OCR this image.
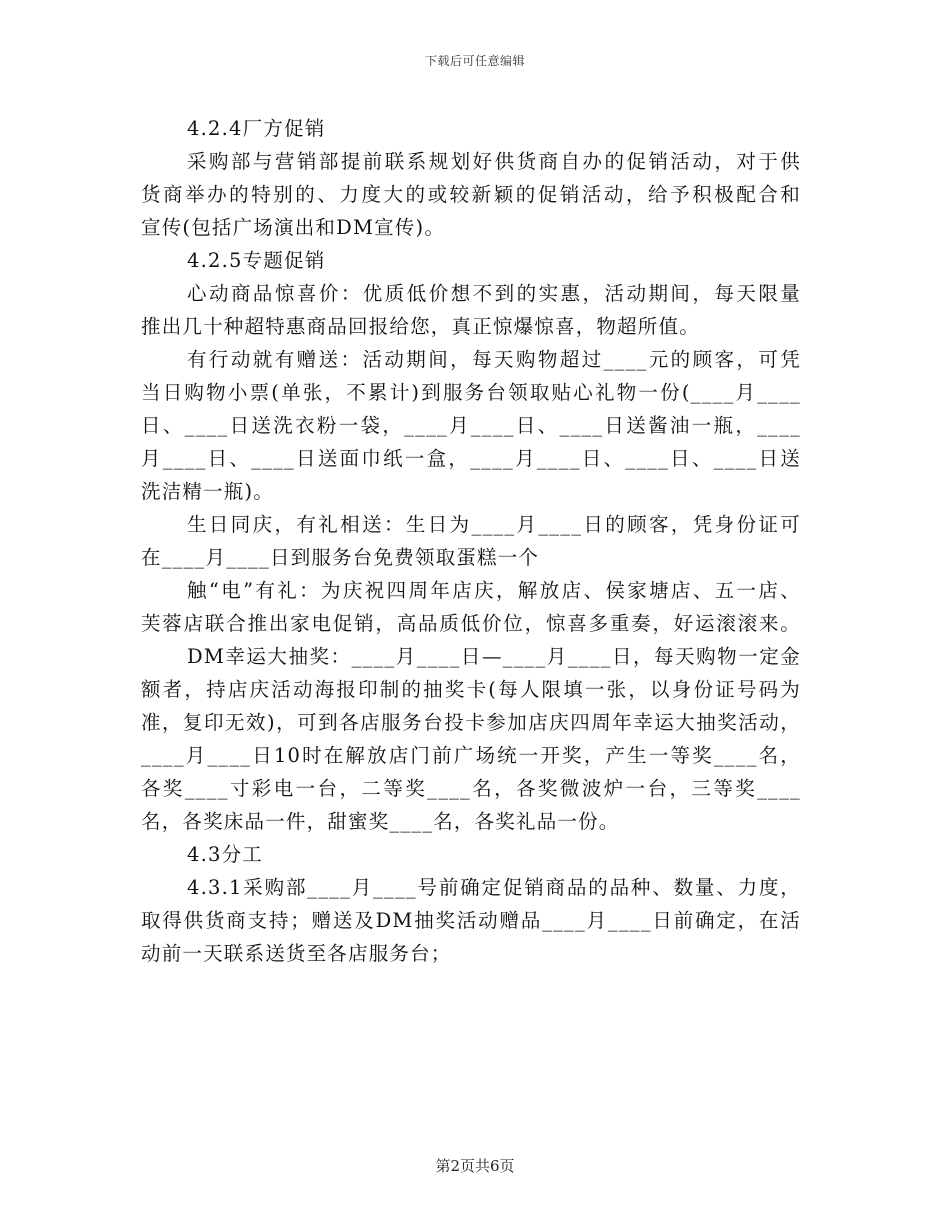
下载后可任意编辑
4.2.4厂方促销
采购部与营销部提前联系规划好供货商自办的促销活动，对于供
货商举办的特别的、力度大的或较新颖的促销活动，给予积极配合和
宣传(包括广场演出和DM宣传)。
4.2.5专题促销
心动商品惊喜价：优质低价想不到的实惠，活动期间，每天限量
推出几十种超特惠商品回报给您，真正惊爆惊喜，物超所值。
有行动就有赠送：活动期间，每天购物超过____元的顾客，可凭
当日购物小票(单张，不累计)到服务台领取贴心礼物一份(____月____
日、____日送洗衣粉一袋，____月____日、____日送酱油一瓶，____
月____日、____日送面巾纸一盒，____月____日、____日、____日送
洗洁精一瓶)。
生日同庆，有礼相送：生日为____月____日的顾客，凭身份证可
在____月____日到服务台免费领取蛋糕一个
触“电”有礼：为庆祝四周年店庆，解放店、侯家塘店、五一店、
芙蓉店联合推出家电促销，高品质低价位，惊喜多重奏，好运滚滚来。
DM幸运大抽奖：____月____日—____月____日，每天购物一定金
额者，持店庆活动海报印制的抽奖卡(每人限填一张，以身份证号码为
准，复印无效)，可到各店服务台投卡参加店庆四周年幸运大抽奖活动，
____月____日10时在解放店门前广场统一开奖，产生一等奖____名，
各奖____寸彩电一台，二等奖____名，各奖微波炉一台，三等奖____
名，各奖床品一件，甜蜜奖____名，各奖礼品一份。
4.3分工
4.3.1采购部____月____号前确定促销商品的品种、数量、力度，
取得供货商支持；赠送及DM抽奖活动赠品____月____日前确定，在活
动前一天联系送货至各店服务台；
第2页共6页
